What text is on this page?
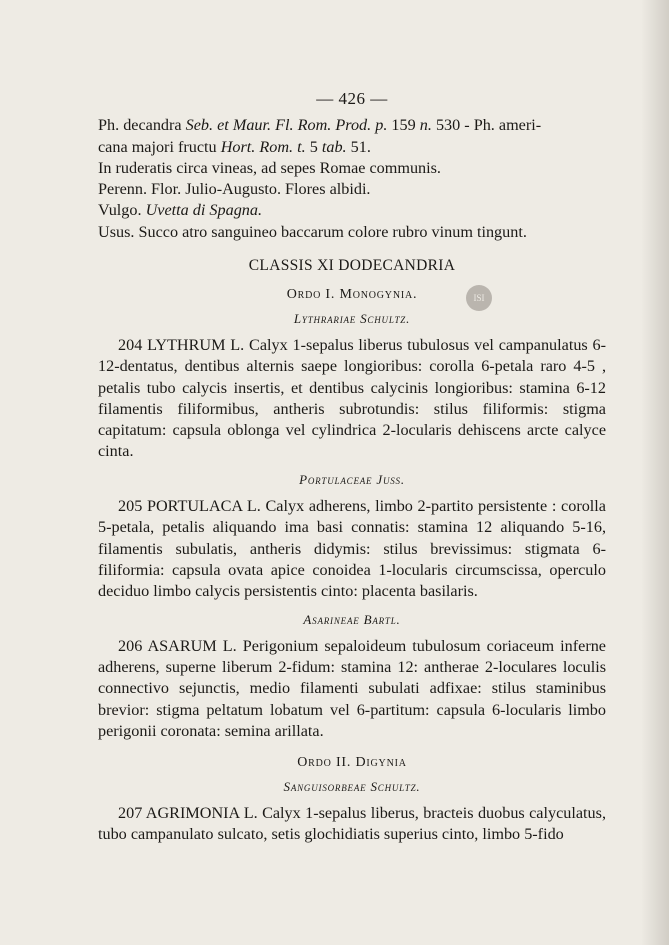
ISI
— 426 —

Ph. decandra Seb. et Maur. Fl. Rom. Prod. p. 159 n. 530 - Ph. ameri-

cana majori fructu Hort. Rom. t. 5 tab. 51.

In ruderatis circa vineas, ad sepes Romae communis.

Perenn. Flor. Julio-Augusto. Flores albidi.

Vulgo. Uvetta di Spagna.

Usus. Succo atro sanguineo baccarum colore rubro vinum tingunt.

CLASSIS XI DODECANDRIA
Ordo I. Monogynia.
Lythrariae Schultz.

204 LYTHRUM L. Calyx 1-sepalus liberus tubulosus vel campanulatus 6-12-dentatus, dentibus alternis saepe longioribus: corolla 6-petala raro 4-5 , petalis tubo calycis insertis, et dentibus calycinis longioribus: stamina 6-12 filamentis filiformibus, antheris subrotundis: stilus filiformis: stigma capitatum: capsula oblonga vel cylindrica 2-locularis dehiscens arcte calyce cinta.

Portulaceae Juss.

205 PORTULACA L. Calyx adherens, limbo 2-partito persistente : corolla 5-petala, petalis aliquando ima basi connatis: stamina 12 aliquando 5-16, filamentis subulatis, antheris didymis: stilus brevissimus: stigmata 6-filiformia: capsula ovata apice conoidea 1-locularis circumscissa, operculo deciduo limbo calycis persistentis cinto: placenta basilaris.

Asarineae Bartl.

206 ASARUM L. Perigonium sepaloideum tubulosum coriaceum inferne adherens, superne liberum 2-fidum: stamina 12: antherae 2-loculares loculis connectivo sejunctis, medio filamenti subulati adfixae: stilus staminibus brevior: stigma peltatum lobatum vel 6-partitum: capsula 6-locularis limbo perigonii coronata: semina arillata.

Ordo II. Digynia
Sanguisorbeae Schultz.

207 AGRIMONIA L. Calyx 1-sepalus liberus, bracteis duobus calyculatus, tubo campanulato sulcato, setis glochidiatis superius cinto, limbo 5-fido
